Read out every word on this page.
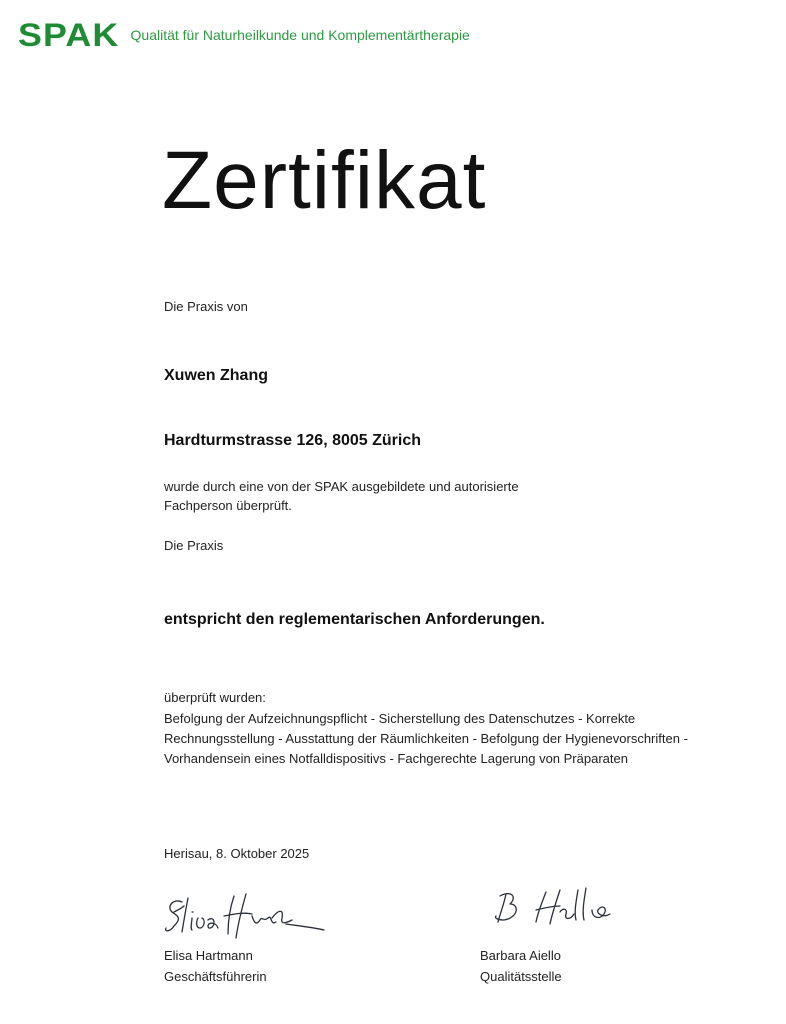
SPAK Qualität für Naturheilkunde und Komplementärtherapie
Zertifikat

Die Praxis von

Xuwen Zhang

Hardturmstrasse 126, 8005 Zürich

wurde durch eine von der SPAK ausgebildete und autorisierte

Fachperson überprüft.

Die Praxis

entspricht den reglementarischen Anforderungen.

überprüft wurden:

Befolgung der Aufzeichnungspflicht - Sicherstellung des Datenschutzes - Korrekte

Rechnungsstellung - Ausstattung der Räumlichkeiten - Befolgung der Hygienevorschriften -

Vorhandensein eines Notfalldispositivs - Fachgerechte Lagerung von Präparaten

Herisau, 8. Oktober 2025

Elisa Hartmann
Geschäftsführerin
Barbara Aiello
Qualitätsstelle
